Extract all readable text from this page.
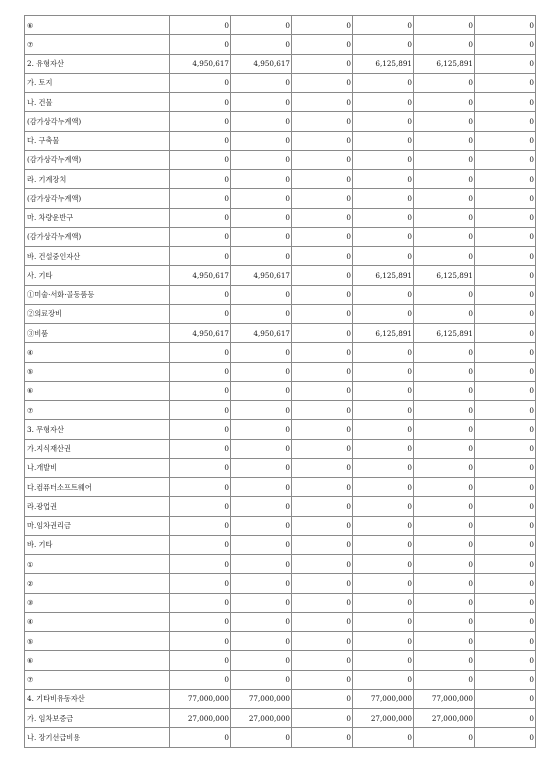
⑥	0	0	0	0	0	0
⑦	0	0	0	0	0	0
2. 유형자산	4,950,617	4,950,617	0	6,125,891	6,125,891	0
가. 토지	0	0	0	0	0	0
나. 건물	0	0	0	0	0	0
(감가상각누계액)	0	0	0	0	0	0
다. 구축물	0	0	0	0	0	0
(감가상각누계액)	0	0	0	0	0	0
라. 기계장치	0	0	0	0	0	0
(감가상각누계액)	0	0	0	0	0	0
마. 차량운반구	0	0	0	0	0	0
(감가상각누계액)	0	0	0	0	0	0
바. 건설중인자산	0	0	0	0	0	0
사. 기타	4,950,617	4,950,617	0	6,125,891	6,125,891	0
①미술·서화·골동품등	0	0	0	0	0	0
②의료장비	0	0	0	0	0	0
③비품	4,950,617	4,950,617	0	6,125,891	6,125,891	0
④	0	0	0	0	0	0
⑤	0	0	0	0	0	0
⑥	0	0	0	0	0	0
⑦	0	0	0	0	0	0
3. 무형자산	0	0	0	0	0	0
가.지식재산권	0	0	0	0	0	0
나.개발비	0	0	0	0	0	0
다.컴퓨터소프트웨어	0	0	0	0	0	0
라.광업권	0	0	0	0	0	0
마.임차권리금	0	0	0	0	0	0
바. 기타	0	0	0	0	0	0
①	0	0	0	0	0	0
②	0	0	0	0	0	0
③	0	0	0	0	0	0
④	0	0	0	0	0	0
⑤	0	0	0	0	0	0
⑥	0	0	0	0	0	0
⑦	0	0	0	0	0	0
4. 기타비유동자산	77,000,000	77,000,000	0	77,000,000	77,000,000	0
가. 임차보증금	27,000,000	27,000,000	0	27,000,000	27,000,000	0
나. 장기선급비용	0	0	0	0	0	0
